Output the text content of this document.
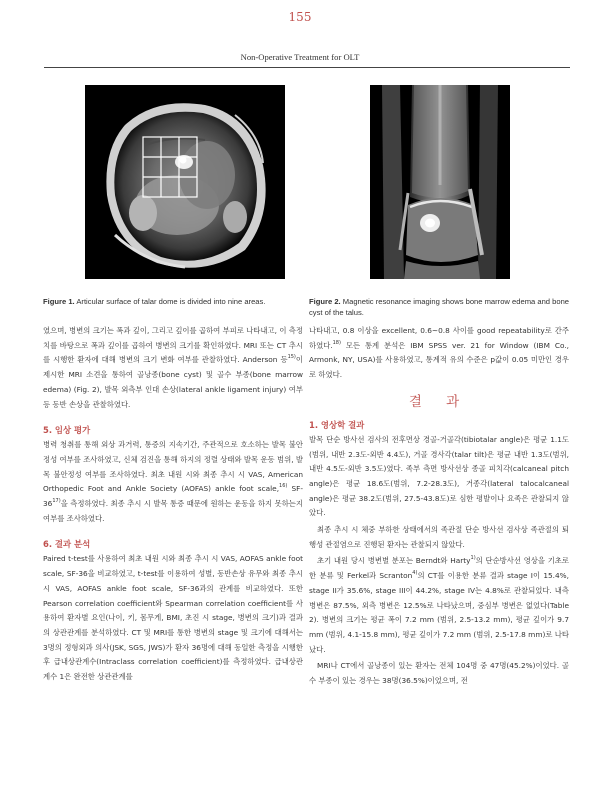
155
Non-Operative Treatment for OLT
Figure 1. Articular surface of talar dome is divided into nine areas.	Figure 2. Magnetic resonance imaging shows bone marrow edema and bone cyst of the talus.

였으며, 병변의 크기는 폭과 깊이, 그리고 깊이를 곱하여 부피로 나타내고, 이 측정치를 바탕으로 폭과 깊이를 곱하여 병변의 크기를 확인하였다. MRI 또는 CT 추시를 시행한 환자에 대해 병변의 크기 변화 여부를 관찰하였다. Anderson 등$^{15)}$이 제시한 MRI 소견을 통하여 골낭종(bone cyst) 및 골수 부종(bone marrow edema) (Fig. 2), 발목 외측부 인대 손상(lateral ankle ligament injury) 여부 등 동반 손상을 관찰하였다.

5. 임상 평가

병력 청취를 통해 외상 과거력, 통증의 지속기간, 주관적으로 호소하는 발목 불안정성 여부를 조사하였고, 신체 검진을 통해 하지의 정렬 상태와 발목 운동 범위, 발목 불안정성 여부를 조사하였다. 최초 내원 시와 최종 추시 시 VAS, American Orthopedic Foot and Ankle Society (AOFAS) ankle foot scale,$^{16)}$ SF-36$^{17)}$을 측정하였다. 최종 추시 시 발목 통증 때문에 원하는 운동을 하지 못하는지 여부를 조사하였다.

6. 결과 분석

Paired t-test를 사용하여 최초 내원 시와 최종 추시 시 VAS, AOFAS ankle foot scale, SF-36을 비교하였고, t-test를 이용하여 성별, 동반손상 유무와 최종 추시 시 VAS, AOFAS ankle foot scale, SF-36과의 관계를 비교하였다. 또한 Pearson correlation coefficient와 Spearman correlation coefficient를 사용하여 환자별 요인(나이, 키, 몸무게, BMI, 초진 시 stage, 병변의 크기)과 결과의 상관관계를 분석하였다. CT 및 MRI를 통한 병변의 stage 및 크기에 대해서는 3명의 정형외과 의사(JSK, SGS, JWS)가 환자 36명에 대해 동일한 측정을 시행한 후 급내상관계수(Intraclass correlation coefficient)를 측정하였다. 급내상관계수 1은 완전한 상관관계를

나타내고, 0.8 이상을 excellent, 0.6~0.8 사이를 good repeatability로 간주하였다.$^{18)}$ 모든 통계 분석은 IBM SPSS ver. 21 for Window (IBM Co., Armonk, NY, USA)를 사용하였고, 통계적 유의 수준은 p값이 0.05 미만인 경우로 하였다.

결 과
1. 영상학 결과

발목 단순 방사선 검사의 전후면상 경골-거골각(tibiotalar angle)은 평균 1.1도(범위, 내반 2.3도-외반 4.4도), 거골 경사각(talar tilt)은 평균 내반 1.3도(범위, 내반 4.5도-외반 3.5도)였다. 족부 측면 방사선상 종골 피치각(calcaneal pitch angle)은 평균 18.6도(범위, 7.2-28.3도), 거종각(lateral talocalcaneal angle)은 평균 38.2도(범위, 27.5-43.8도)로 심한 평발이나 요족은 관찰되지 않았다.

최종 추시 시 체중 부하한 상태에서의 족관절 단순 방사선 검사상 족관절의 퇴행성 관절염으로 진행된 환자는 관찰되지 않았다.

초기 내원 당시 병변별 분포는 Berndt와 Harty$^{1)}$의 단순방사선 영상을 기초로 한 분류 및 Ferkel과 Scranton$^{4)}$의 CT를 이용한 분류 결과 stage I이 15.4%, stage II가 35.6%, stage III이 44.2%, stage IV는 4.8%로 관찰되었다. 내측 병변은 87.5%, 외측 병변은 12.5%로 나타났으며, 중심부 병변은 없었다(Table 2). 병변의 크기는 평균 폭이 7.2 mm (범위, 2.5-13.2 mm), 평균 깊이가 9.7 mm (범위, 4.1-15.8 mm), 평균 깊이가 7.2 mm (범위, 2.5-17.8 mm)로 나타났다.

MRI나 CT에서 골낭종이 있는 환자는 전체 104명 중 47명(45.2%)이었다. 골수 부종이 있는 경우는 38명(36.5%)이었으며, 전
